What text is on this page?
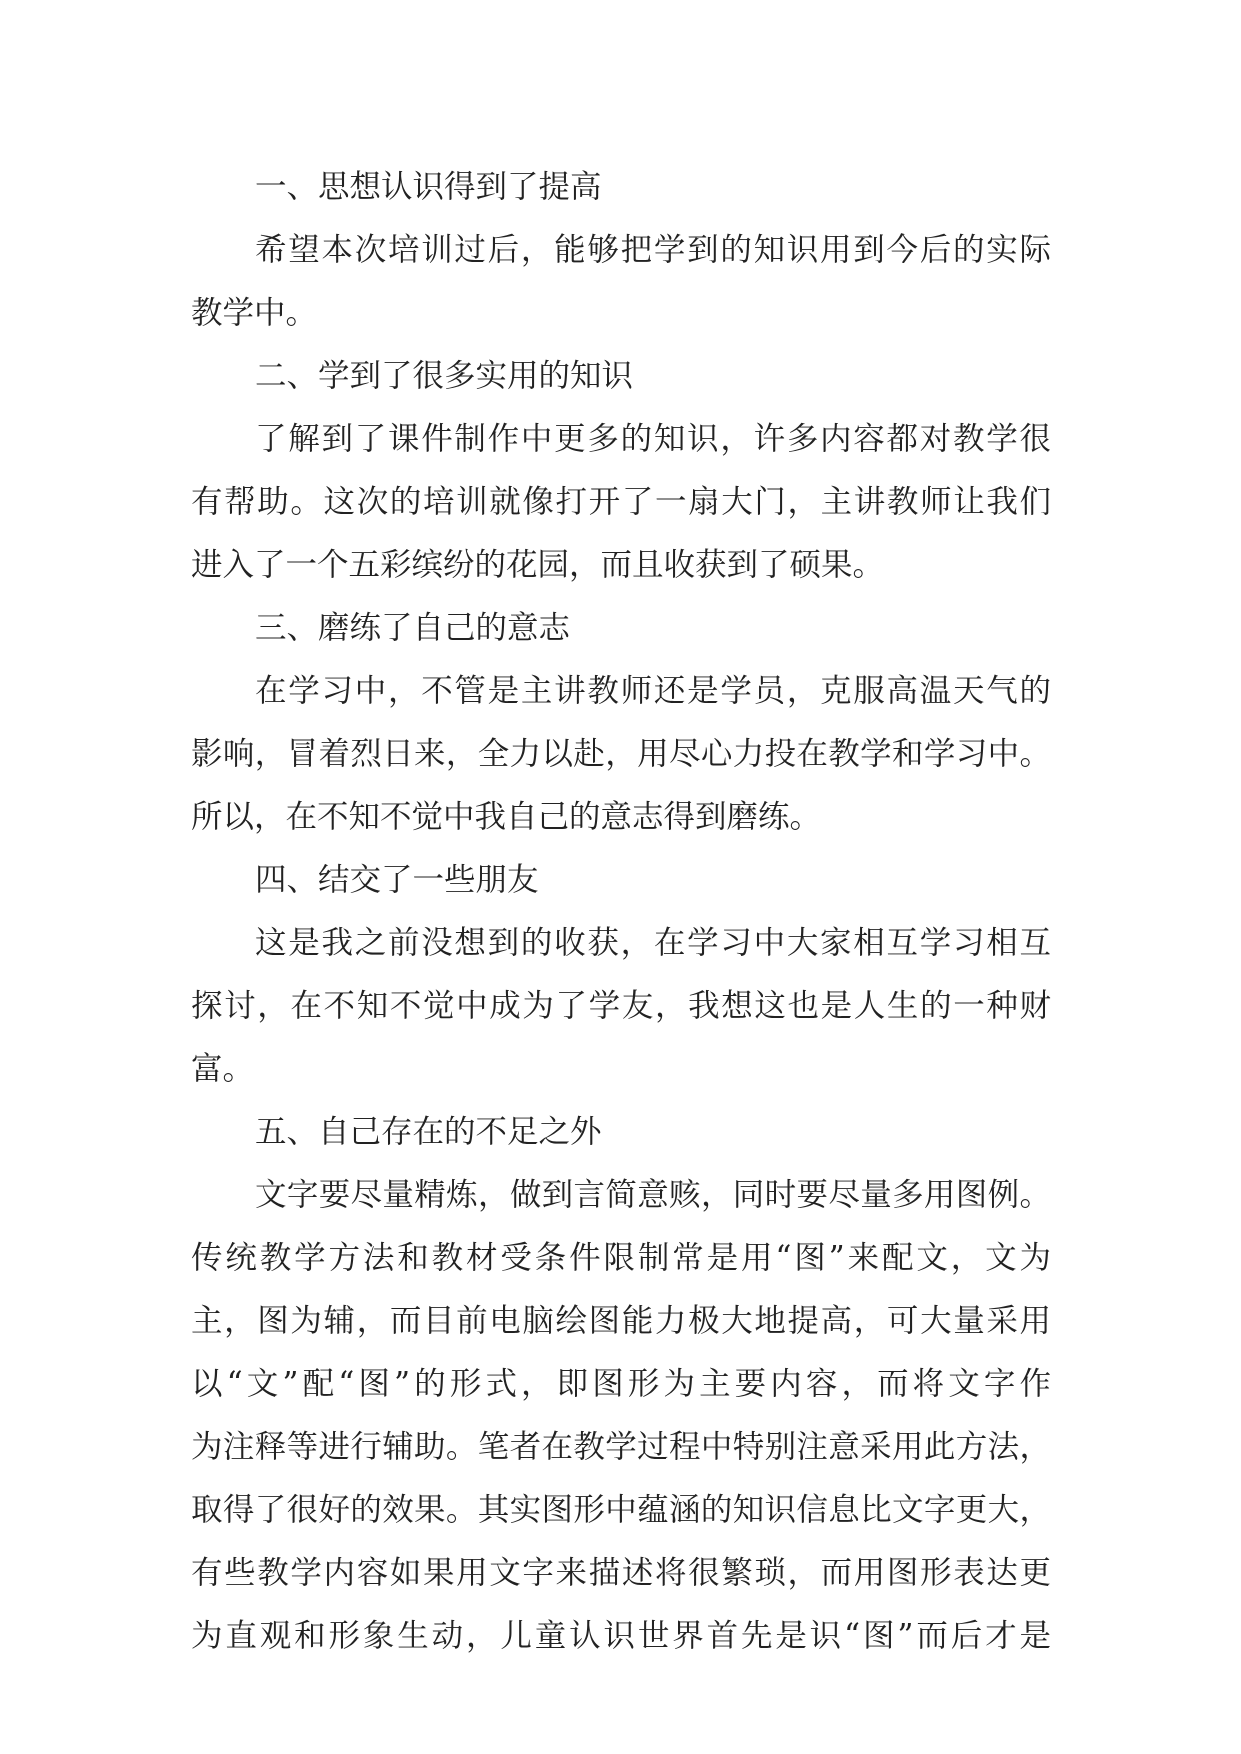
一、思想认识得到了提高
希望本次培训过后，能够把学到的知识用到今后的实际
教学中。
二、学到了很多实用的知识
了解到了课件制作中更多的知识，许多内容都对教学很
有帮助。这次的培训就像打开了一扇大门，主讲教师让我们
进入了一个五彩缤纷的花园，而且收获到了硕果。
三、磨练了自己的意志
在学习中，不管是主讲教师还是学员，克服高温天气的
影响，冒着烈日来，全力以赴，用尽心力投在教学和学习中。
所以，在不知不觉中我自己的意志得到磨练。
四、结交了一些朋友
这是我之前没想到的收获，在学习中大家相互学习相互
探讨，在不知不觉中成为了学友，我想这也是人生的一种财
富。
五、自己存在的不足之外
文字要尽量精炼，做到言简意赅，同时要尽量多用图例。
传统教学方法和教材受条件限制常是用“图”来配文，文为
主，图为辅，而目前电脑绘图能力极大地提高，可大量采用
以“文”配“图”的形式，即图形为主要内容，而将文字作
为注释等进行辅助。笔者在教学过程中特别注意采用此方法，
取得了很好的效果。其实图形中蕴涵的知识信息比文字更大，
有些教学内容如果用文字来描述将很繁琐，而用图形表达更
为直观和形象生动，儿童认识世界首先是识“图”而后才是
